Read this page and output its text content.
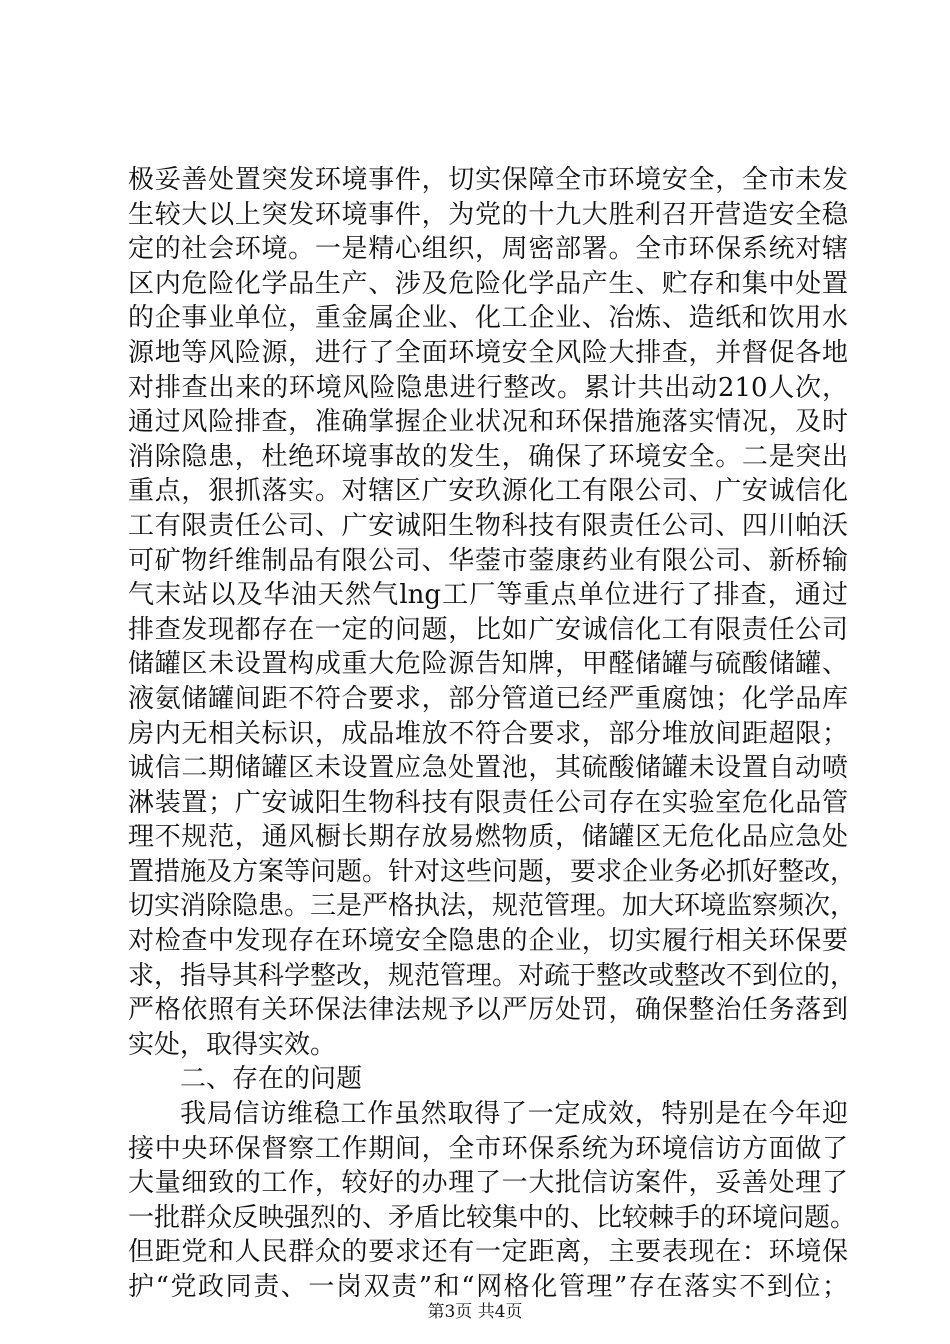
极妥善处置突发环境事件，切实保障全市环境安全，全市未发
生较大以上突发环境事件，为党的十九大胜利召开营造安全稳
定的社会环境。一是精心组织，周密部署。全市环保系统对辖
区内危险化学品生产、涉及危险化学品产生、贮存和集中处置
的企事业单位，重金属企业、化工企业、冶炼、造纸和饮用水
源地等风险源，进行了全面环境安全风险大排查，并督促各地
对排查出来的环境风险隐患进行整改。累计共出动210人次，
通过风险排查，准确掌握企业状况和环保措施落实情况，及时
消除隐患，杜绝环境事故的发生，确保了环境安全。二是突出
重点，狠抓落实。对辖区广安玖源化工有限公司、广安诚信化
工有限责任公司、广安诚阳生物科技有限责任公司、四川帕沃
可矿物纤维制品有限公司、华蓥市蓥康药业有限公司、新桥输
气末站以及华油天然气lng工厂等重点单位进行了排查，通过
排查发现都存在一定的问题，比如广安诚信化工有限责任公司
储罐区未设置构成重大危险源告知牌，甲醛储罐与硫酸储罐、
液氨储罐间距不符合要求，部分管道已经严重腐蚀；化学品库
房内无相关标识，成品堆放不符合要求，部分堆放间距超限；
诚信二期储罐区未设置应急处置池，其硫酸储罐未设置自动喷
淋装置；广安诚阳生物科技有限责任公司存在实验室危化品管
理不规范，通风橱长期存放易燃物质，储罐区无危化品应急处
置措施及方案等问题。针对这些问题，要求企业务必抓好整改，
切实消除隐患。三是严格执法，规范管理。加大环境监察频次，
对检查中发现存在环境安全隐患的企业，切实履行相关环保要
求，指导其科学整改，规范管理。对疏于整改或整改不到位的，
严格依照有关环保法律法规予以严厉处罚，确保整治任务落到
实处，取得实效。
二、存在的问题
我局信访维稳工作虽然取得了一定成效，特别是在今年迎
接中央环保督察工作期间，全市环保系统为环境信访方面做了
大量细致的工作，较好的办理了一大批信访案件，妥善处理了
一批群众反映强烈的、矛盾比较集中的、比较棘手的环境问题。
但距党和人民群众的要求还有一定距离，主要表现在：环境保
护“党政同责、一岗双责”和“网格化管理”存在落实不到位；
第3页 共4页
